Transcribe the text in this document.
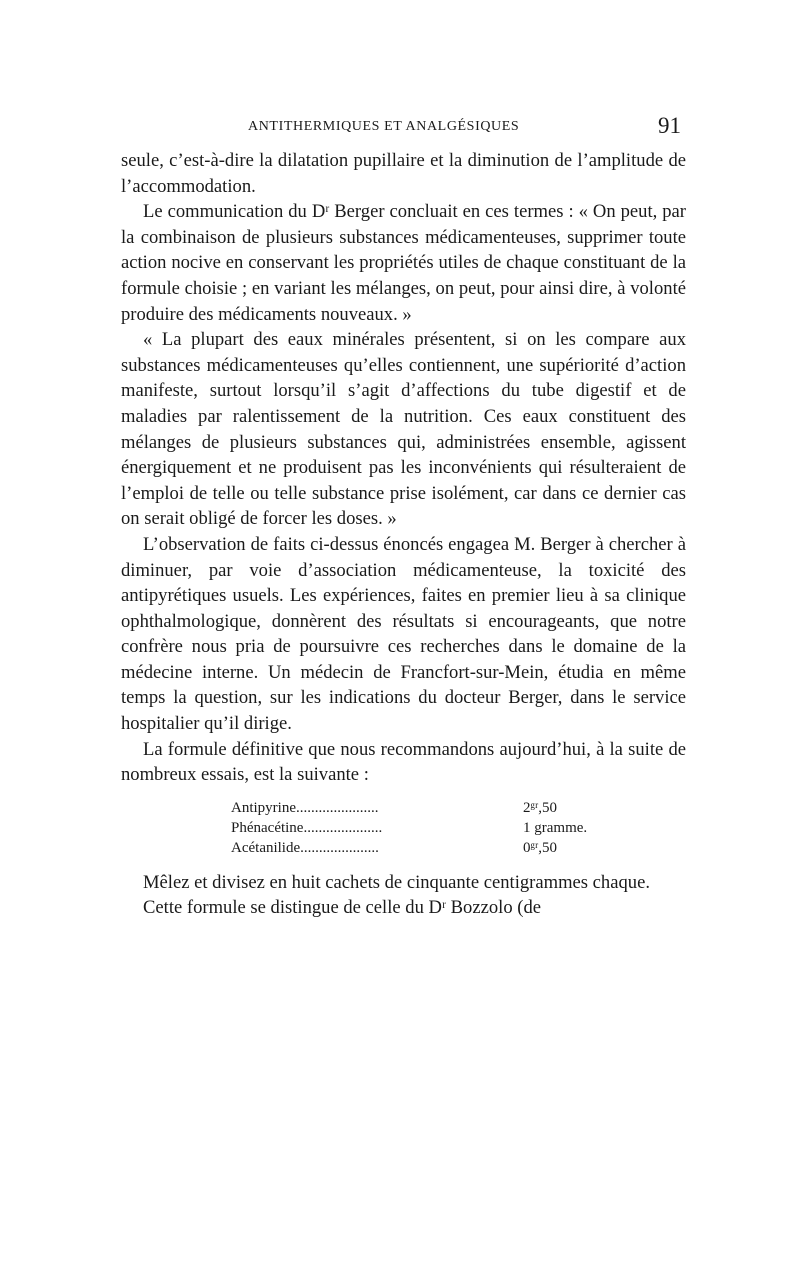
ANTITHERMIQUES ET ANALGÉSIQUES	91

seule, c’est-à-dire la dilatation pupillaire et la diminution de l’amplitude de l’accommodation.

Le communication du Dʳ Berger concluait en ces termes : « On peut, par la combinaison de plusieurs substances médicamenteuses, supprimer toute action nocive en conservant les propriétés utiles de chaque constituant de la formule choisie ; en variant les mélanges, on peut, pour ainsi dire, à volonté produire des médicaments nouveaux. »

« La plupart des eaux minérales présentent, si on les compare aux substances médicamenteuses qu’elles contiennent, une supériorité d’action manifeste, surtout lorsqu’il s’agit d’affections du tube digestif et de maladies par ralentissement de la nutrition. Ces eaux constituent des mélanges de plusieurs substances qui, administrées ensemble, agissent énergiquement et ne produisent pas les inconvénients qui résulteraient de l’emploi de telle ou telle substance prise isolément, car dans ce dernier cas on serait obligé de forcer les doses. »

L’observation de faits ci-dessus énoncés engagea M. Berger à chercher à diminuer, par voie d’association médicamenteuse, la toxicité des antipyrétiques usuels. Les expériences, faites en premier lieu à sa clinique ophthalmologique, donnèrent des résultats si encourageants, que notre confrère nous pria de poursuivre ces recherches dans le domaine de la médecine interne. Un médecin de Francfort-sur-Mein, étudia en même temps la question, sur les indications du docteur Berger, dans le service hospitalier qu’il dirige.

La formule définitive que nous recommandons aujourd’hui, à la suite de nombreux essais, est la suivante :

Antipyrine......................	2ᵍʳ,50
Phénacétine.....................	1 gramme.
Acétanilide.....................	0ᵍʳ,50

Mêlez et divisez en huit cachets de cinquante centigrammes chaque.

Cette formule se distingue de celle du Dʳ Bozzolo (de
